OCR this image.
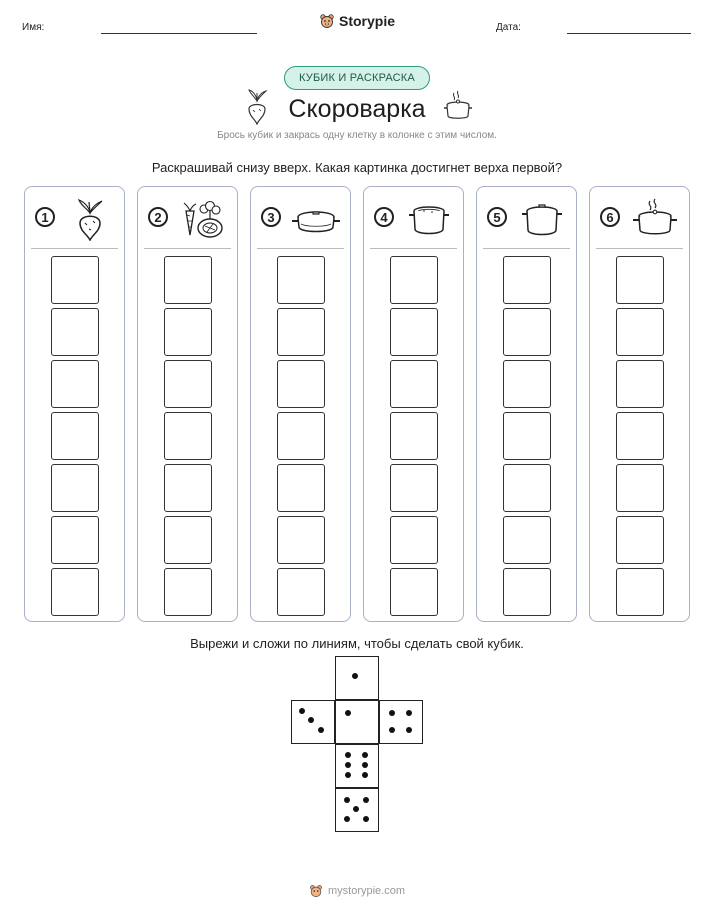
Имя:	Storypie	Дата:
КУБИК И РАСКРАСКА
Скороварка
Брось кубик и закрась одну клетку в колонке с этим числом.
Раскрашивай снизу вверх. Какая картинка достигнет верха первой?
1	2	3	4	5	6
Вырежи и сложи по линиям, чтобы сделать свой кубик.
mystorypie.com
